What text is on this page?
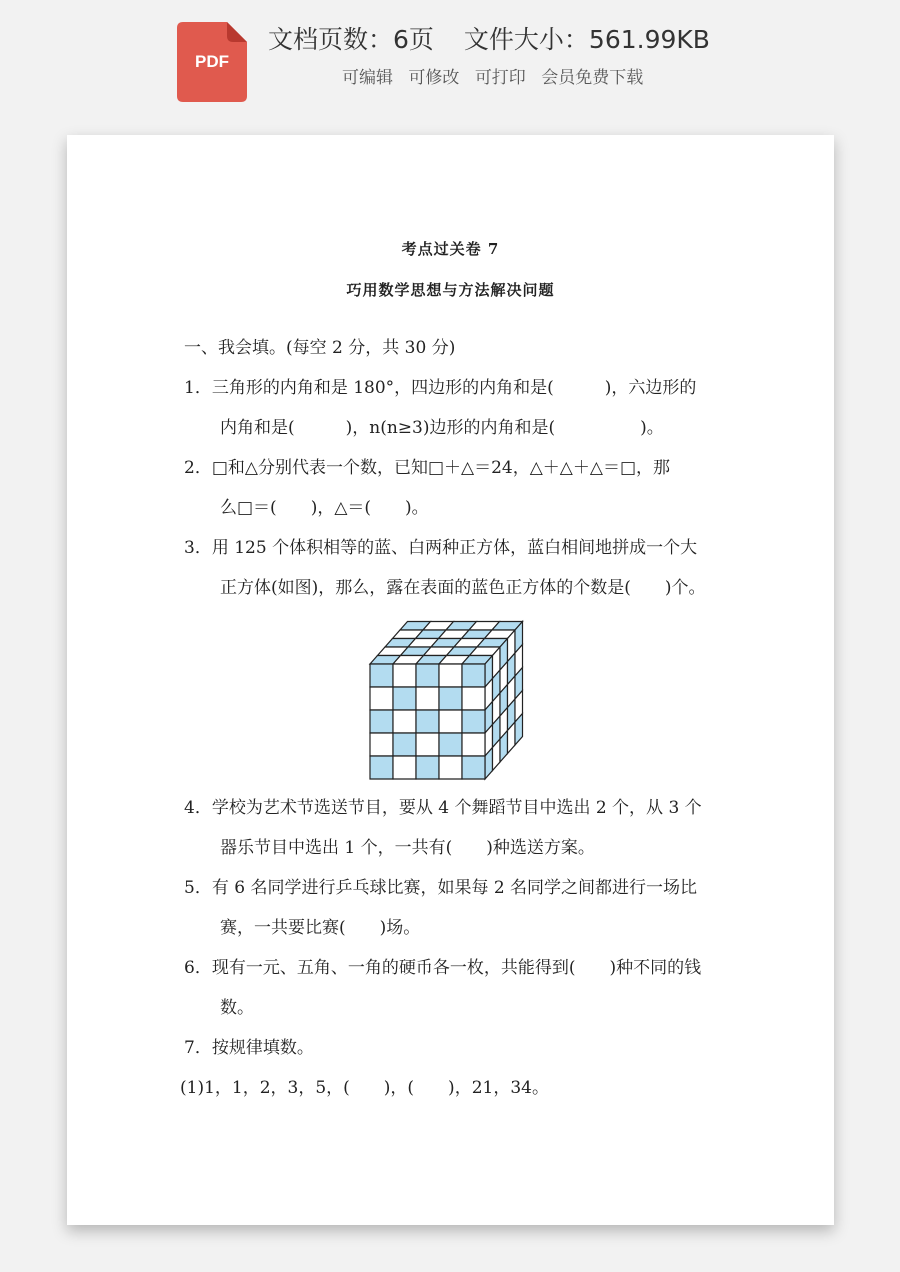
PDF
文档页数：6页 文件大小：561.99KB
可编辑 可修改 可打印 会员免费下载
考点过关卷 7
巧用数学思想与方法解决问题
一、我会填。(每空 2 分，共 30 分)
1．三角形的内角和是 180°，四边形的内角和是(　　　)，六边形的
内角和是(　　　)，n(n≥3)边形的内角和是(　　　　　)。
2．□和△分别代表一个数，已知□＋△＝24，△＋△＋△＝□，那
么□＝(　　)，△＝(　　)。
3．用 125 个体积相等的蓝、白两种正方体，蓝白相间地拼成一个大
正方体(如图)，那么，露在表面的蓝色正方体的个数是(　　)个。
4．学校为艺术节选送节目，要从 4 个舞蹈节目中选出 2 个，从 3 个
器乐节目中选出 1 个，一共有(　　)种选送方案。
5．有 6 名同学进行乒乓球比赛，如果每 2 名同学之间都进行一场比
赛，一共要比赛(　　)场。
6．现有一元、五角、一角的硬币各一枚，共能得到(　　)种不同的钱
数。
7．按规律填数。
(1)1，1，2，3，5，(　　)，(　　)，21，34。
